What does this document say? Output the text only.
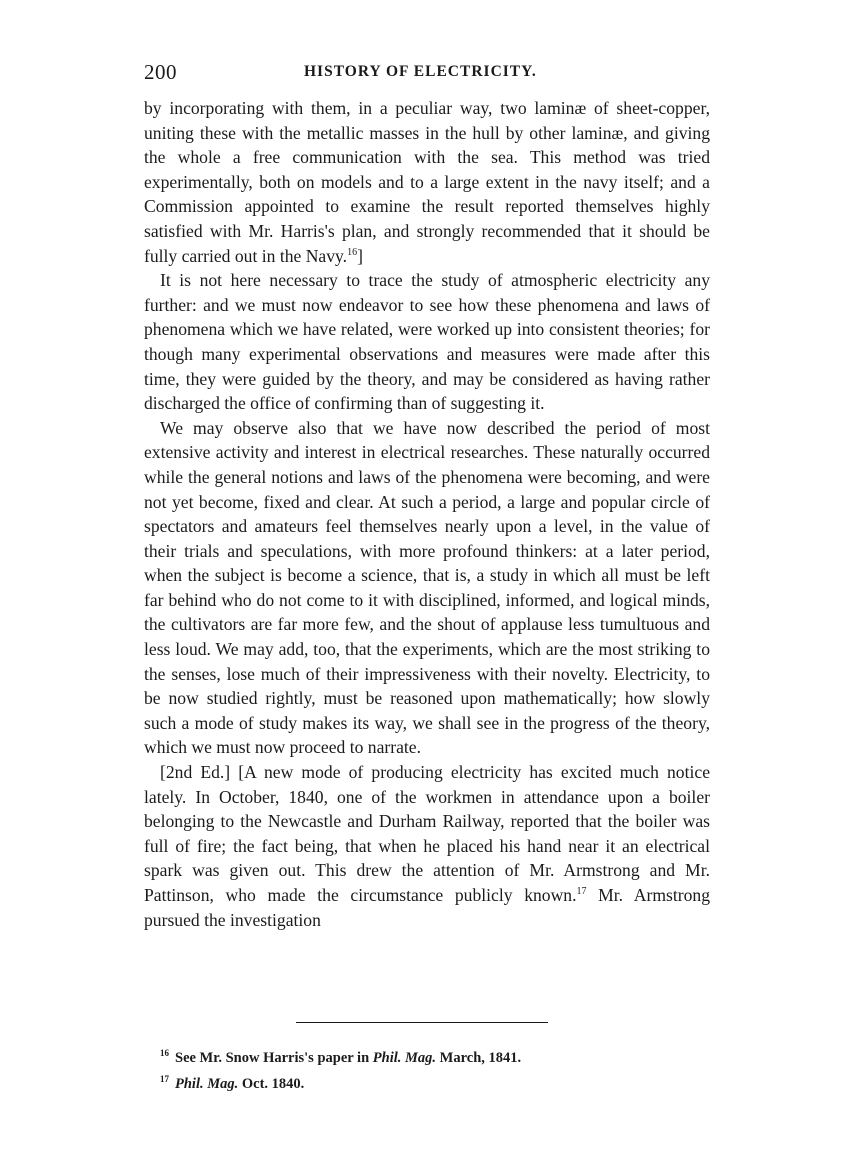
200	HISTORY OF ELECTRICITY.

by incorporating with them, in a peculiar way, two laminæ of sheet-copper, uniting these with the metallic masses in the hull by other laminæ, and giving the whole a free communication with the sea. This method was tried experimentally, both on models and to a large extent in the navy itself; and a Commission appointed to examine the result reported themselves highly satisfied with Mr. Harris's plan, and strongly recommended that it should be fully carried out in the Navy.$^{16}$]

It is not here necessary to trace the study of atmospheric electricity any further: and we must now endeavor to see how these phenomena and laws of phenomena which we have related, were worked up into consistent theories; for though many experimental observations and measures were made after this time, they were guided by the theory, and may be considered as having rather discharged the office of confirming than of suggesting it.

We may observe also that we have now described the period of most extensive activity and interest in electrical researches. These naturally occurred while the general notions and laws of the phenomena were becoming, and were not yet become, fixed and clear. At such a period, a large and popular circle of spectators and amateurs feel themselves nearly upon a level, in the value of their trials and speculations, with more profound thinkers: at a later period, when the subject is become a science, that is, a study in which all must be left far behind who do not come to it with disciplined, informed, and logical minds, the cultivators are far more few, and the shout of applause less tumultuous and less loud. We may add, too, that the experiments, which are the most striking to the senses, lose much of their impressiveness with their novelty. Electricity, to be now studied rightly, must be reasoned upon mathematically; how slowly such a mode of study makes its way, we shall see in the progress of the theory, which we must now proceed to narrate.

[2nd Ed.] [A new mode of producing electricity has excited much notice lately. In October, 1840, one of the workmen in attendance upon a boiler belonging to the Newcastle and Durham Railway, reported that the boiler was full of fire; the fact being, that when he placed his hand near it an electrical spark was given out. This drew the attention of Mr. Armstrong and Mr. Pattinson, who made the circumstance publicly known.$^{17}$ Mr. Armstrong pursued the investigation

$^{16}$ See Mr. Snow Harris's paper in Phil. Mag. March, 1841.
$^{17}$ Phil. Mag. Oct. 1840.
